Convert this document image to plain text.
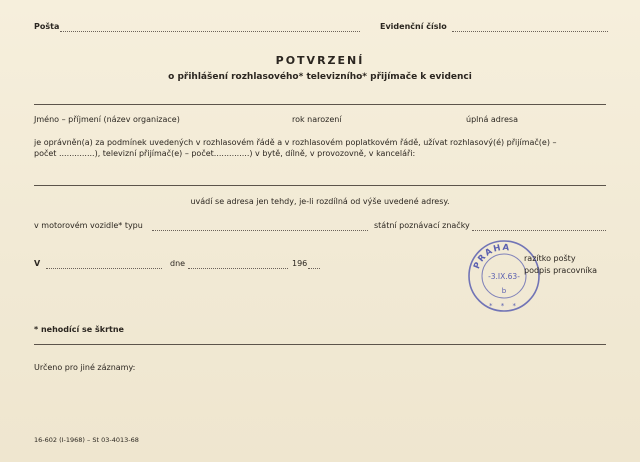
Pošta	Evidenční číslo
POTVRZENÍ
o přihlášení rozhlasového* televizního* přijímače k evidenci
Jméno – příjmení (název organizace)	rok narození	úplná adresa
je oprávněn(a) za podmínek uvedených v rozhlasovém řádě a v rozhlasovém poplatkovém řádě, užívat rozhlasový(é) přijímač(e) –
počet ..............), televizní přijímač(e) – počet..............) v bytě, dílně, v provozovně, v kanceláři:
uvádí se adresa jen tehdy, je-li rozdílná od výše uvedené adresy.
v motorovém vozidle* typu	státní poznávací značky
V	dne	196	PRAHA
-3.IX.63-
b
* * *
razítko pošty
podpis pracovníka
* nehodící se škrtne
Určeno pro jiné záznamy:
16-602 (I-1968) – St 03-4013-68
